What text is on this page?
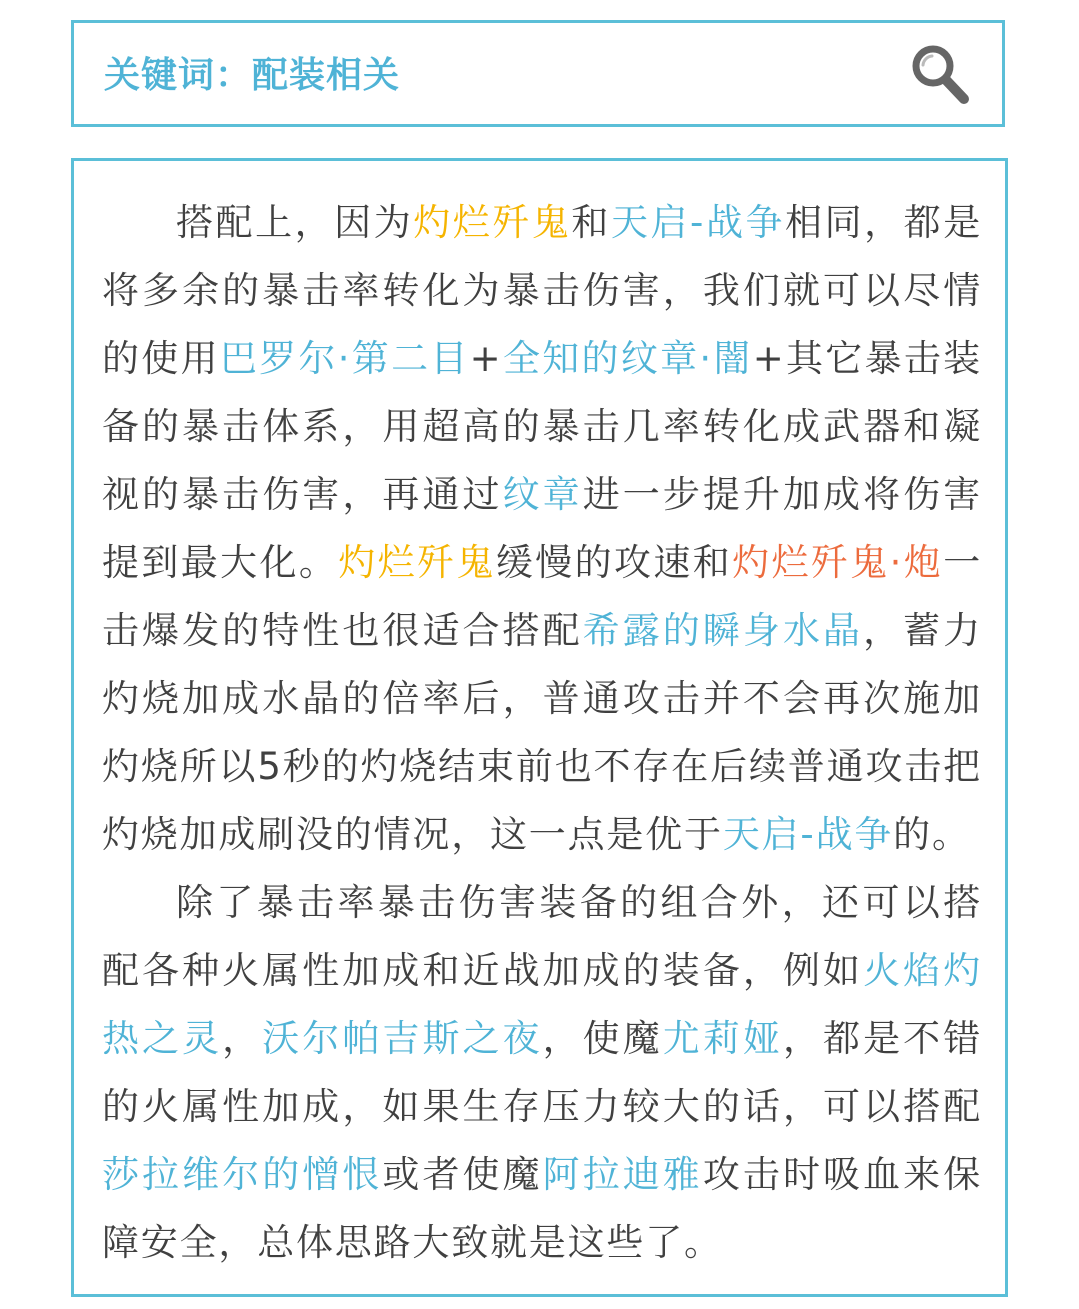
关键词：配装相关

搭配上，因为灼烂歼鬼和天启-战争相同，都是将多余的暴击率转化为暴击伤害，我们就可以尽情的使用巴罗尔·第二目+全知的纹章·闇+其它暴击装备的暴击体系，用超高的暴击几率转化成武器和凝视的暴击伤害，再通过纹章进一步提升加成将伤害提到最大化。灼烂歼鬼缓慢的攻速和灼烂歼鬼·炮一击爆发的特性也很适合搭配希露的瞬身水晶，蓄力灼烧加成水晶的倍率后，普通攻击并不会再次施加灼烧所以5秒的灼烧结束前也不存在后续普通攻击把灼烧加成刷没的情况，这一点是优于天启-战争的。

除了暴击率暴击伤害装备的组合外，还可以搭配各种火属性加成和近战加成的装备，例如火焰灼热之灵，沃尔帕吉斯之夜，使魔尤莉娅，都是不错的火属性加成，如果生存压力较大的话，可以搭配莎拉维尔的憎恨或者使魔阿拉迪雅攻击时吸血来保障安全，总体思路大致就是这些了。
